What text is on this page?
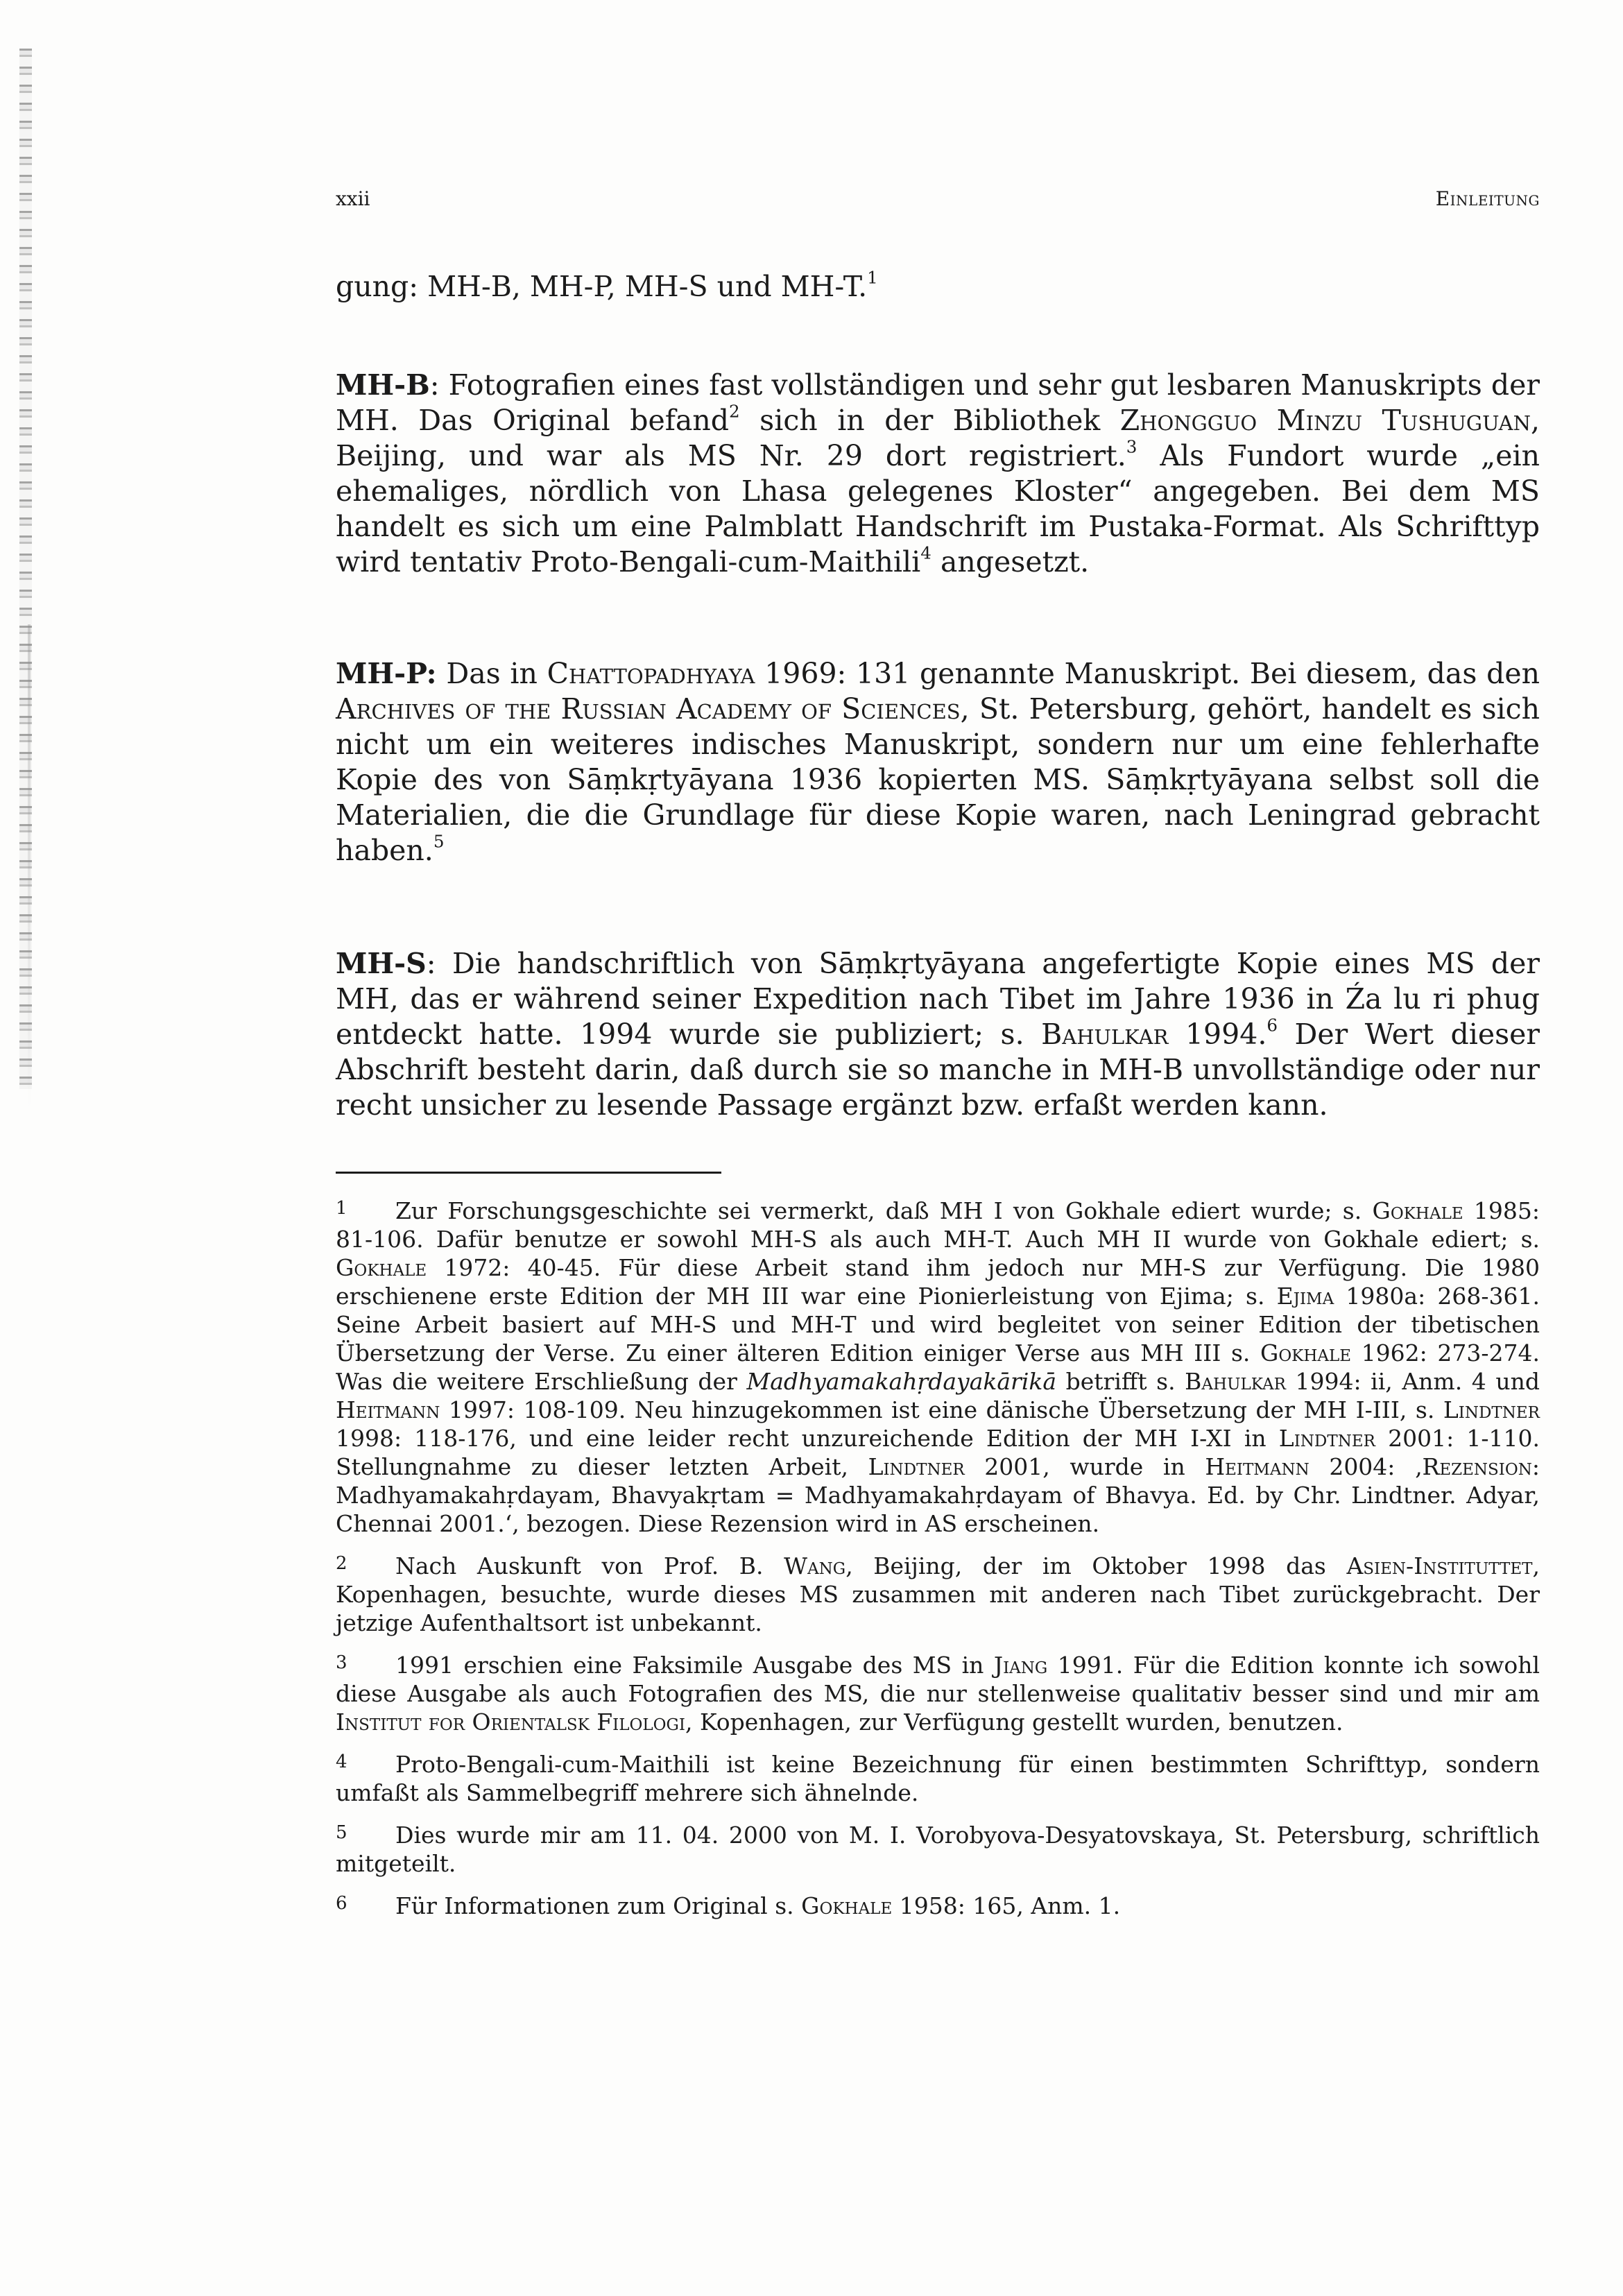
xxii	Einleitung
gung: MH-B, MH-P, MH-S und MH-T.$^1$
MH-B: Fotografien eines fast vollständigen und sehr gut lesbaren Manuskripts der MH. Das Original befand$^2$ sich in der Bibliothek Zhongguo Minzu Tushuguan, Beijing, und war als MS Nr. 29 dort registriert.$^3$ Als Fundort wurde „ein ehemaliges, nördlich von Lhasa gelegenes Kloster“ angegeben. Bei dem MS handelt es sich um eine Palmblatt Handschrift im Pustaka-Format. Als Schrifttyp wird tentativ Proto-Bengali-cum-Maithili$^4$ angesetzt.
MH-P: Das in Chattopadhyaya 1969: 131 genannte Manuskript. Bei diesem, das den Archives of the Russian Academy of Sciences, St. Petersburg, gehört, handelt es sich nicht um ein weiteres indisches Manuskript, sondern nur um eine fehlerhafte Kopie des von Sāṃkṛtyāyana 1936 kopierten MS. Sāṃkṛtyāyana selbst soll die Materialien, die die Grundlage für diese Kopie waren, nach Leningrad gebracht haben.$^5$
MH-S: Die handschriftlich von Sāṃkṛtyāyana angefertigte Kopie eines MS der MH, das er während seiner Expedition nach Tibet im Jahre 1936 in Źa lu ri phug entdeckt hatte. 1994 wurde sie publiziert; s. Bahulkar 1994.$^6$ Der Wert dieser Abschrift besteht darin, daß durch sie so manche in MH-B unvollständige oder nur recht unsicher zu lesende Passage ergänzt bzw. erfaßt werden kann.
1 Zur Forschungsgeschichte sei vermerkt, daß MH I von Gokhale ediert wurde; s. Gokhale 1985: 81-106. Dafür benutze er sowohl MH-S als auch MH-T. Auch MH II wurde von Gokhale ediert; s. Gokhale 1972: 40-45. Für diese Arbeit stand ihm jedoch nur MH-S zur Verfügung. Die 1980 erschienene erste Edition der MH III war eine Pionierleistung von Ejima; s. Ejima 1980a: 268-361. Seine Arbeit basiert auf MH-S und MH-T und wird begleitet von seiner Edition der tibetischen Übersetzung der Verse. Zu einer älteren Edition einiger Verse aus MH III s. Gokhale 1962: 273-274. Was die weitere Erschließung der Madhyamakahṛdayakārikā betrifft s. Bahulkar 1994: ii, Anm. 4 und Heitmann 1997: 108-109. Neu hinzugekommen ist eine dänische Übersetzung der MH I-III, s. Lindtner 1998: 118-176, und eine leider recht unzureichende Edition der MH I-XI in Lindtner 2001: 1-110. Stellungnahme zu dieser letzten Arbeit, Lindtner 2001, wurde in Heitmann 2004: ‚Rezension: Madhyamakahṛdayam, Bhavyakṛtam = Madhyamakahṛdayam of Bhavya. Ed. by Chr. Lindtner. Adyar, Chennai 2001.‘, bezogen. Diese Rezension wird in AS erscheinen.
2 Nach Auskunft von Prof. B. Wang, Beijing, der im Oktober 1998 das Asien-Instituttet, Kopenhagen, besuchte, wurde dieses MS zusammen mit anderen nach Tibet zurückgebracht. Der jetzige Aufenthaltsort ist unbekannt.
3 1991 erschien eine Faksimile Ausgabe des MS in Jiang 1991. Für die Edition konnte ich sowohl diese Ausgabe als auch Fotografien des MS, die nur stellenweise qualitativ besser sind und mir am Institut for Orientalsk Filologi, Kopenhagen, zur Verfügung gestellt wurden, benutzen.
4 Proto-Bengali-cum-Maithili ist keine Bezeichnung für einen bestimmten Schrifttyp, sondern umfaßt als Sammelbegriff mehrere sich ähnelnde.
5 Dies wurde mir am 11. 04. 2000 von M. I. Vorobyova-Desyatovskaya, St. Petersburg, schriftlich mitgeteilt.
6 Für Informationen zum Original s. Gokhale 1958: 165, Anm. 1.
